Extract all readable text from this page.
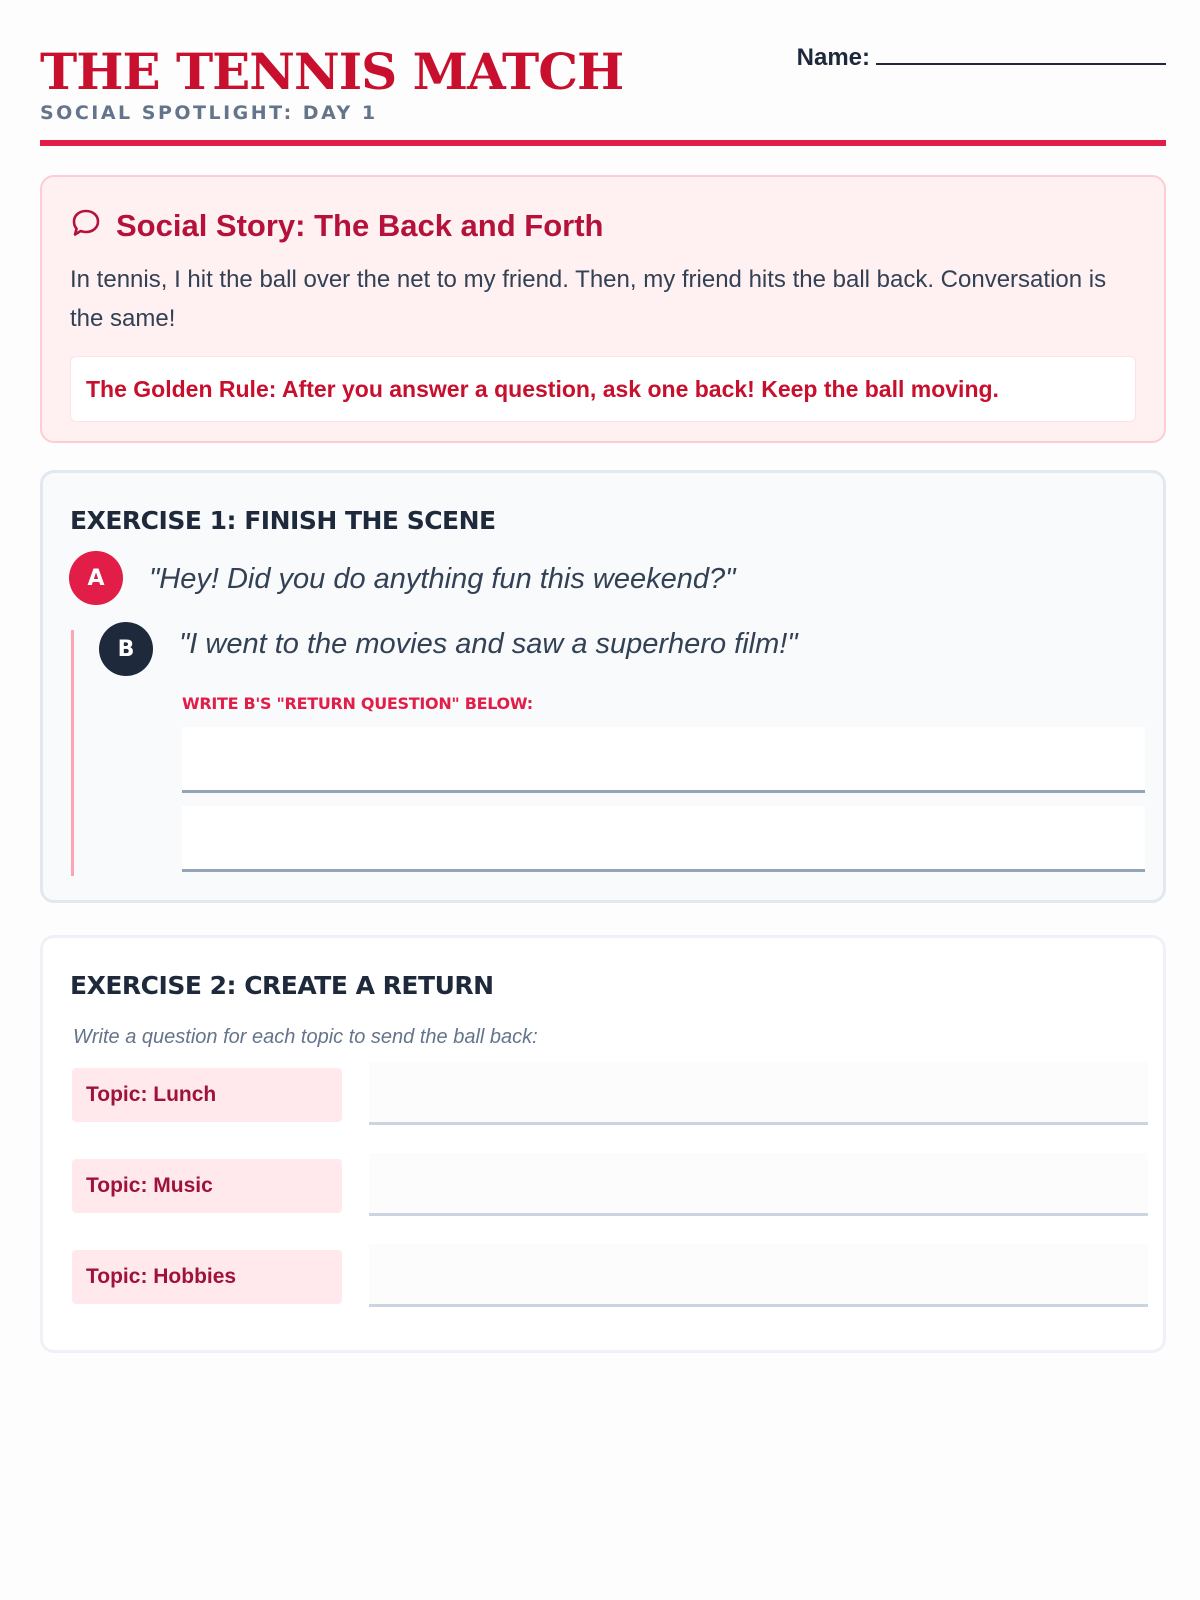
THE TENNIS MATCH
SOCIAL SPOTLIGHT: DAY 1
Name:
Social Story: The Back and Forth
In tennis, I hit the ball over the net to my friend. Then, my friend hits the ball back. Conversation is the same!
The Golden Rule: After you answer a question, ask one back! Keep the ball moving.
EXERCISE 1: FINISH THE SCENE
A	"Hey! Did you do anything fun this weekend?"
B	"I went to the movies and saw a superhero film!"
WRITE B'S "RETURN QUESTION" BELOW:
EXERCISE 2: CREATE A RETURN
Write a question for each topic to send the ball back:
Topic: Lunch
Topic: Music
Topic: Hobbies
